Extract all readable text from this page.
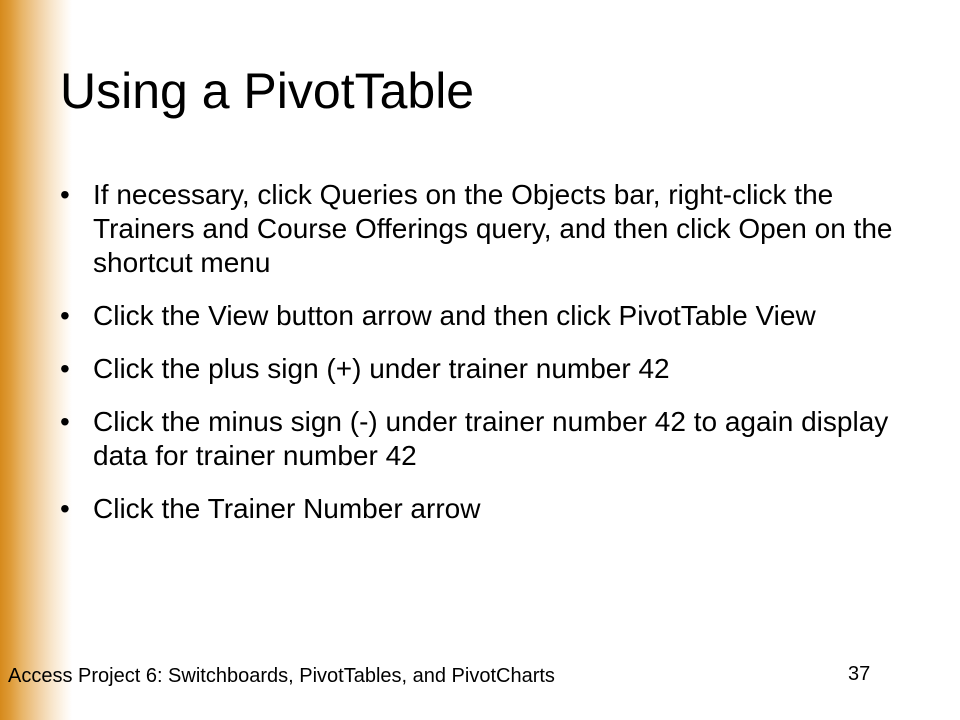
Using a PivotTable
• If necessary, click Queries on the Objects bar, right-click the Trainers and Course Offerings query, and then click Open on the shortcut menu
• Click the View button arrow and then click PivotTable View
• Click the plus sign (+) under trainer number 42
• Click the minus sign (-) under trainer number 42 to again display data for trainer number 42
• Click the Trainer Number arrow
Access Project 6: Switchboards, PivotTables, and PivotCharts	37
